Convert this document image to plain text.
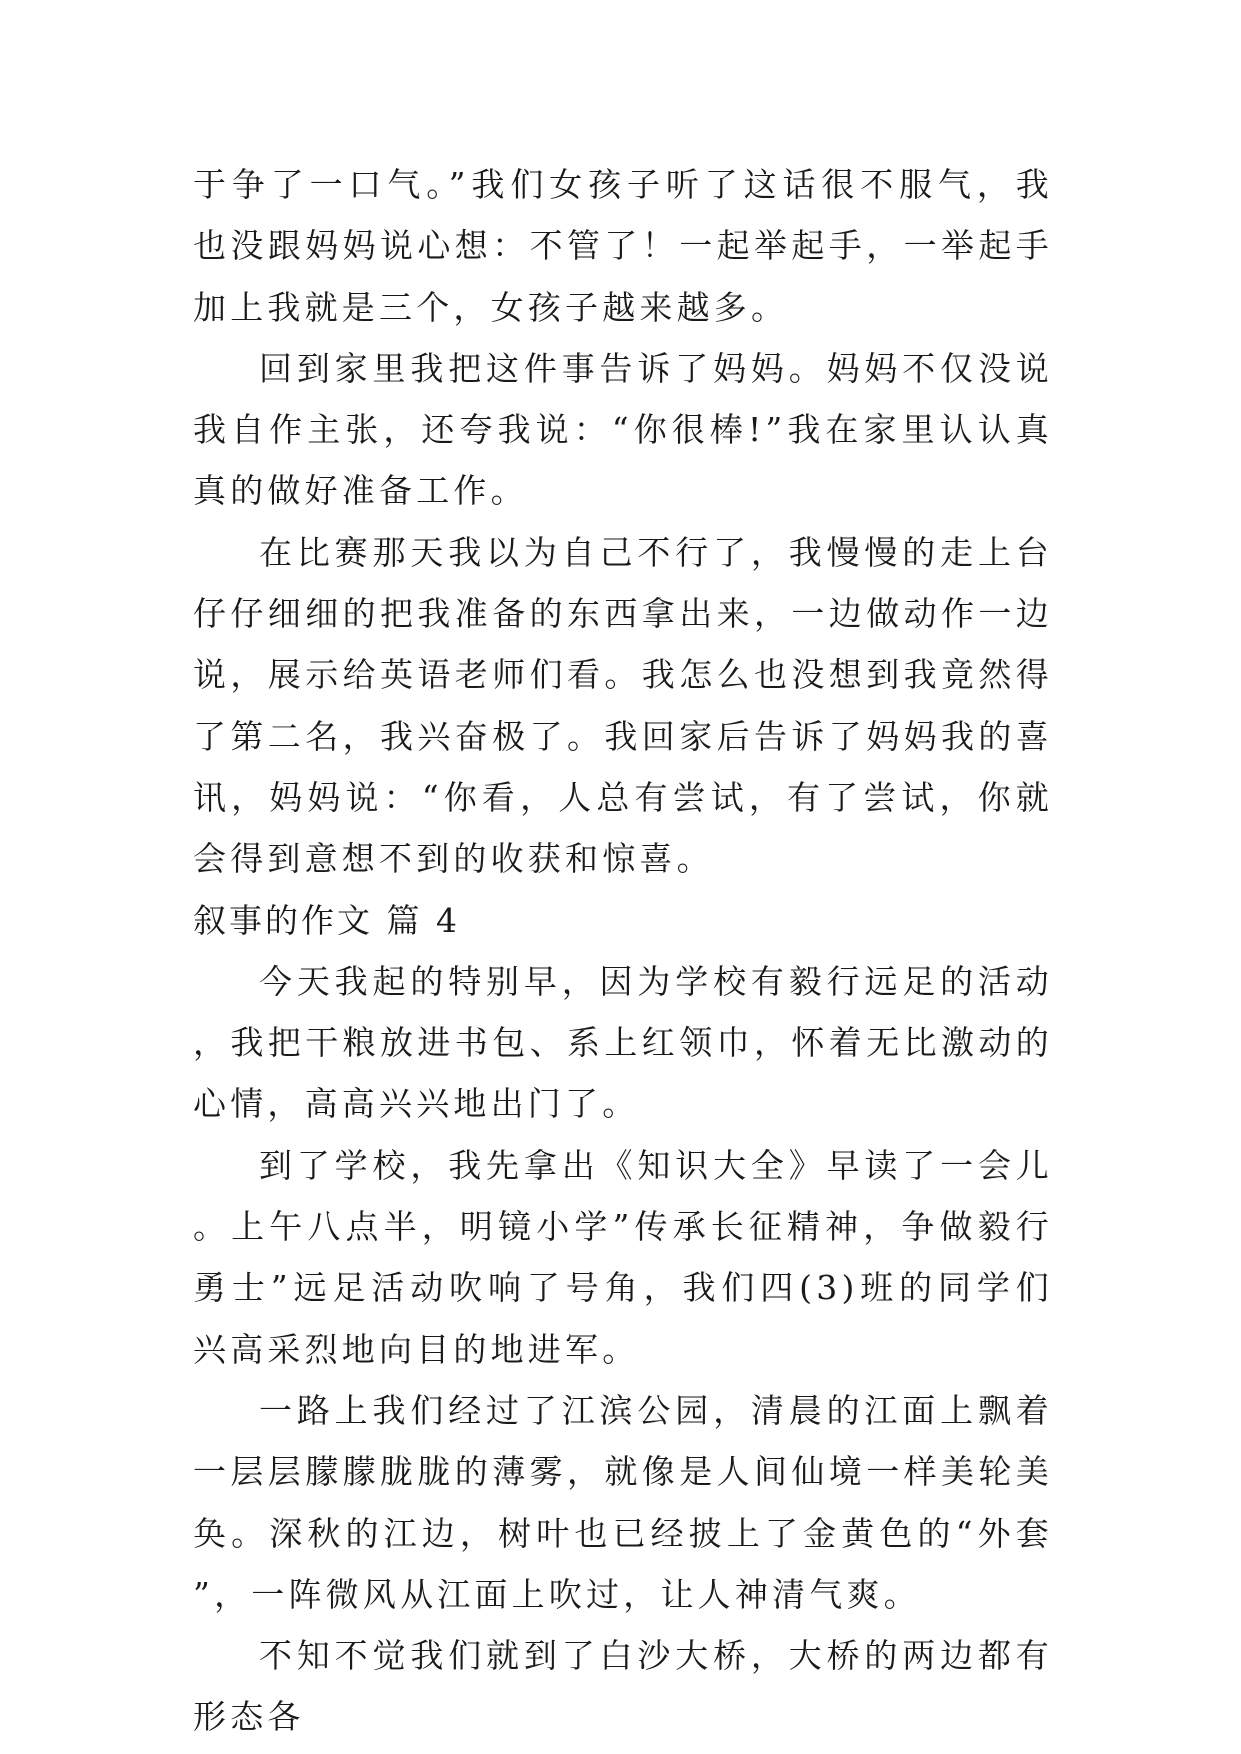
于争了一口气。”我们女孩子听了这话很不服气，我也没跟妈妈说心想：不管了！一起举起手，一举起手加上我就是三个，女孩子越来越多。

回到家里我把这件事告诉了妈妈。妈妈不仅没说我自作主张，还夸我说：“你很棒!”我在家里认认真真的做好准备工作。

在比赛那天我以为自己不行了，我慢慢的走上台仔仔细细的把我准备的东西拿出来，一边做动作一边说，展示给英语老师们看。我怎么也没想到我竟然得了第二名，我兴奋极了。我回家后告诉了妈妈我的喜讯，妈妈说：“你看，人总有尝试，有了尝试，你就会得到意想不到的收获和惊喜。

叙事的作文 篇 4

今天我起的特别早，因为学校有毅行远足的活动，我把干粮放进书包、系上红领巾，怀着无比激动的心情，高高兴兴地出门了。

到了学校，我先拿出《知识大全》早读了一会儿。上午八点半，明镜小学”传承长征精神，争做毅行勇士”远足活动吹响了号角，我们四(3)班的同学们兴高采烈地向目的地进军。

一路上我们经过了江滨公园，清晨的江面上飘着一层层朦朦胧胧的薄雾，就像是人间仙境一样美轮美奂。深秋的江边，树叶也已经披上了金黄色的“外套”，一阵微风从江面上吹过，让人神清气爽。

不知不觉我们就到了白沙大桥，大桥的两边都有形态各
